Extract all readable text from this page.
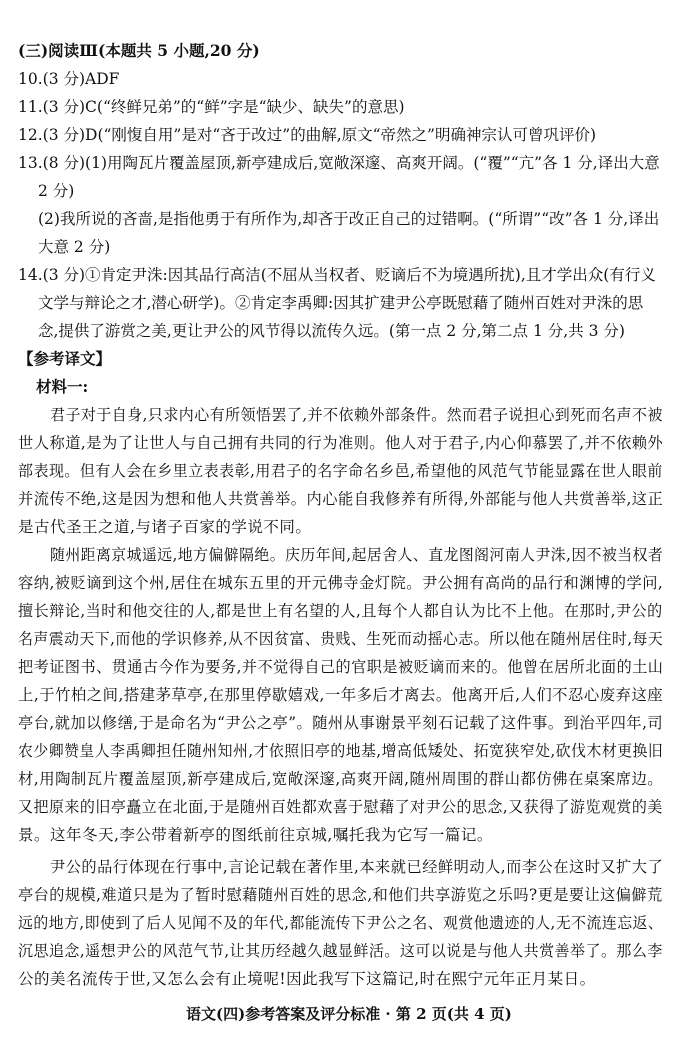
(三)阅读Ⅲ(本题共 5 小题,20 分)
10.(3 分)ADF
11.(3 分)C(“终鲜兄弟”的“鲜”字是“缺少、缺失”的意思)
12.(3 分)D(“刚愎自用”是对“吝于改过”的曲解,原文“帝然之”明确神宗认可曾巩评价)
13.(8 分)(1)用陶瓦片覆盖屋顶,新亭建成后,宽敞深邃、高爽开阔。(“覆”“亢”各 1 分,译出大意
2 分)
(2)我所说的吝啬,是指他勇于有所作为,却吝于改正自己的过错啊。(“所谓”“改”各 1 分,译出
大意 2 分)
14.(3 分)①肯定尹洙:因其品行高洁(不屈从当权者、贬谪后不为境遇所扰),且才学出众(有行义
文学与辩论之才,潜心研学)。②肯定李禹卿:因其扩建尹公亭既慰藉了随州百姓对尹洙的思
念,提供了游赏之美,更让尹公的风节得以流传久远。(第一点 2 分,第二点 1 分,共 3 分)
【参考译文】
材料一:
君子对于自身,只求内心有所领悟罢了,并不依赖外部条件。然而君子说担心到死而名声不被
世人称道,是为了让世人与自己拥有共同的行为准则。他人对于君子,内心仰慕罢了,并不依赖外
部表现。但有人会在乡里立表表彰,用君子的名字命名乡邑,希望他的风范气节能显露在世人眼前
并流传不绝,这是因为想和他人共赏善举。内心能自我修养有所得,外部能与他人共赏善举,这正
是古代圣王之道,与诸子百家的学说不同。
随州距离京城遥远,地方偏僻隔绝。庆历年间,起居舍人、直龙图阁河南人尹洙,因不被当权者
容纳,被贬谪到这个州,居住在城东五里的开元佛寺金灯院。尹公拥有高尚的品行和渊博的学问,
擅长辩论,当时和他交往的人,都是世上有名望的人,且每个人都自认为比不上他。在那时,尹公的
名声震动天下,而他的学识修养,从不因贫富、贵贱、生死而动摇心志。所以他在随州居住时,每天
把考证图书、贯通古今作为要务,并不觉得自己的官职是被贬谪而来的。他曾在居所北面的土山
上,于竹柏之间,搭建茅草亭,在那里停歇嬉戏,一年多后才离去。他离开后,人们不忍心废弃这座
亭台,就加以修缮,于是命名为“尹公之亭”。随州从事谢景平刻石记载了这件事。到治平四年,司
农少卿赞皇人李禹卿担任随州知州,才依照旧亭的地基,增高低矮处、拓宽狭窄处,砍伐木材更换旧
材,用陶制瓦片覆盖屋顶,新亭建成后,宽敞深邃,高爽开阔,随州周围的群山都仿佛在桌案席边。
又把原来的旧亭矗立在北面,于是随州百姓都欢喜于慰藉了对尹公的思念,又获得了游览观赏的美
景。这年冬天,李公带着新亭的图纸前往京城,嘱托我为它写一篇记。
尹公的品行体现在行事中,言论记载在著作里,本来就已经鲜明动人,而李公在这时又扩大了
亭台的规模,难道只是为了暂时慰藉随州百姓的思念,和他们共享游览之乐吗?更是要让这偏僻荒
远的地方,即使到了后人见闻不及的年代,都能流传下尹公之名、观赏他遗迹的人,无不流连忘返、
沉思追念,遥想尹公的风范气节,让其历经越久越显鲜活。这可以说是与他人共赏善举了。那么李
公的美名流传于世,又怎么会有止境呢!因此我写下这篇记,时在熙宁元年正月某日。
语文(四)参考答案及评分标准 · 第 2 页(共 4 页)
